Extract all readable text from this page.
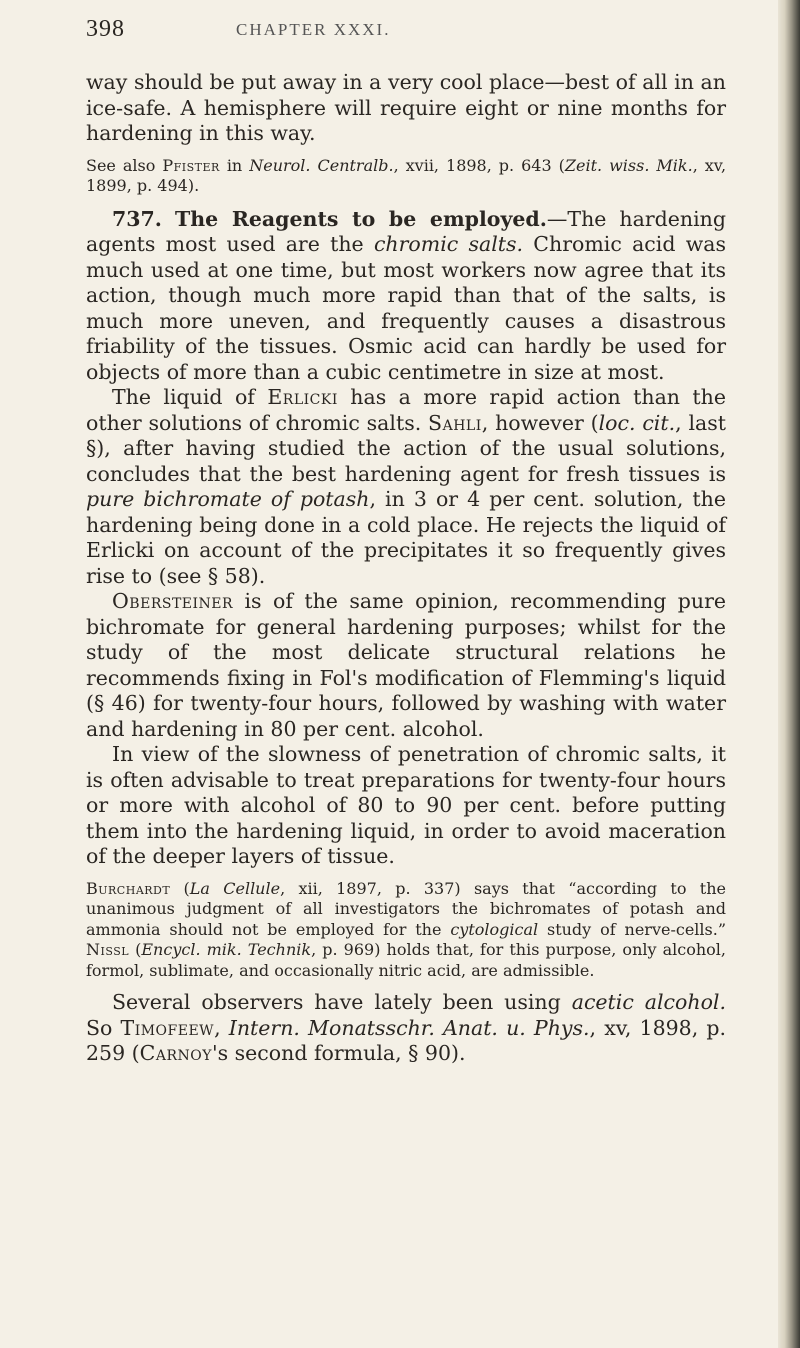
398	CHAPTER XXXI.

way should be put away in a very cool place—best of all in an ice-safe. A hemisphere will require eight or nine months for hardening in this way.

See also Pfister in Neurol. Centralb., xvii, 1898, p. 643 (Zeit. wiss. Mik., xv, 1899, p. 494).

737. The Reagents to be employed.—The hardening agents most used are the chromic salts. Chromic acid was much used at one time, but most workers now agree that its action, though much more rapid than that of the salts, is much more uneven, and frequently causes a disastrous friability of the tissues. Osmic acid can hardly be used for objects of more than a cubic centimetre in size at most.

The liquid of Erlicki has a more rapid action than the other solutions of chromic salts. Sahli, however (loc. cit., last §), after having studied the action of the usual solutions, concludes that the best hardening agent for fresh tissues is pure bichromate of potash, in 3 or 4 per cent. solution, the hardening being done in a cold place. He rejects the liquid of Erlicki on account of the precipitates it so frequently gives rise to (see § 58).

Obersteiner is of the same opinion, recommending pure bichromate for general hardening purposes; whilst for the study of the most delicate structural relations he recommends fixing in Fol's modification of Flemming's liquid (§ 46) for twenty-four hours, followed by washing with water and hardening in 80 per cent. alcohol.

In view of the slowness of penetration of chromic salts, it is often advisable to treat preparations for twenty-four hours or more with alcohol of 80 to 90 per cent. before putting them into the hardening liquid, in order to avoid maceration of the deeper layers of tissue.

Burchardt (La Cellule, xii, 1897, p. 337) says that “according to the unanimous judgment of all investigators the bichromates of potash and ammonia should not be employed for the cytological study of nerve-cells.” Nissl (Encycl. mik. Technik, p. 969) holds that, for this purpose, only alcohol, formol, sublimate, and occasionally nitric acid, are admissible.

Several observers have lately been using acetic alcohol. So Timofeew, Intern. Monatsschr. Anat. u. Phys., xv, 1898, p. 259 (Carnoy's second formula, § 90).
